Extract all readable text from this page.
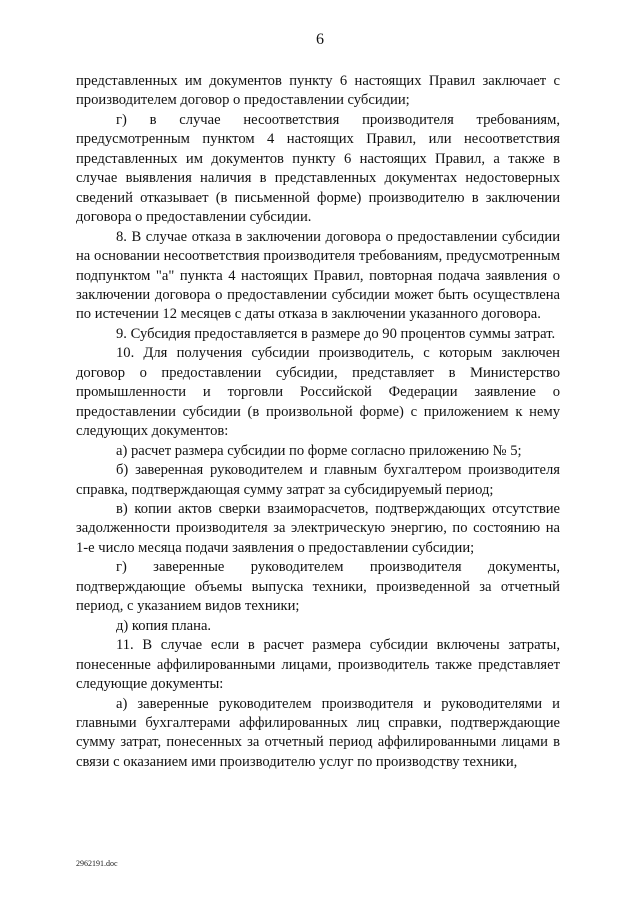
6

представленных им документов пункту 6 настоящих Правил заключает с производителем договор о предоставлении субсидии;

г) в случае несоответствия производителя требованиям, предусмотренным пунктом 4 настоящих Правил, или несоответствия представленных им документов пункту 6 настоящих Правил, а также в случае выявления наличия в представленных документах недостоверных сведений отказывает (в письменной форме) производителю в заключении договора о предоставлении субсидии.

8. В случае отказа в заключении договора о предоставлении субсидии на основании несоответствия производителя требованиям, предусмотренным подпунктом "а" пункта 4 настоящих Правил, повторная подача заявления о заключении договора о предоставлении субсидии может быть осуществлена по истечении 12 месяцев с даты отказа в заключении указанного договора.

9. Субсидия предоставляется в размере до 90 процентов суммы затрат.

10. Для получения субсидии производитель, с которым заключен договор о предоставлении субсидии, представляет в Министерство промышленности и торговли Российской Федерации заявление о предоставлении субсидии (в произвольной форме) с приложением к нему следующих документов:

а) расчет размера субсидии по форме согласно приложению № 5;

б) заверенная руководителем и главным бухгалтером производителя справка, подтверждающая сумму затрат за субсидируемый период;

в) копии актов сверки взаиморасчетов, подтверждающих отсутствие задолженности производителя за электрическую энергию, по состоянию на 1-е число месяца подачи заявления о предоставлении субсидии;

г) заверенные руководителем производителя документы, подтверждающие объемы выпуска техники, произведенной за отчетный период, с указанием видов техники;

д) копия плана.

11. В случае если в расчет размера субсидии включены затраты, понесенные аффилированными лицами, производитель также представляет следующие документы:

а) заверенные руководителем производителя и руководителями и главными бухгалтерами аффилированных лиц справки, подтверждающие сумму затрат, понесенных за отчетный период аффилированными лицами в связи с оказанием ими производителю услуг по производству техники,

2962191.doc
